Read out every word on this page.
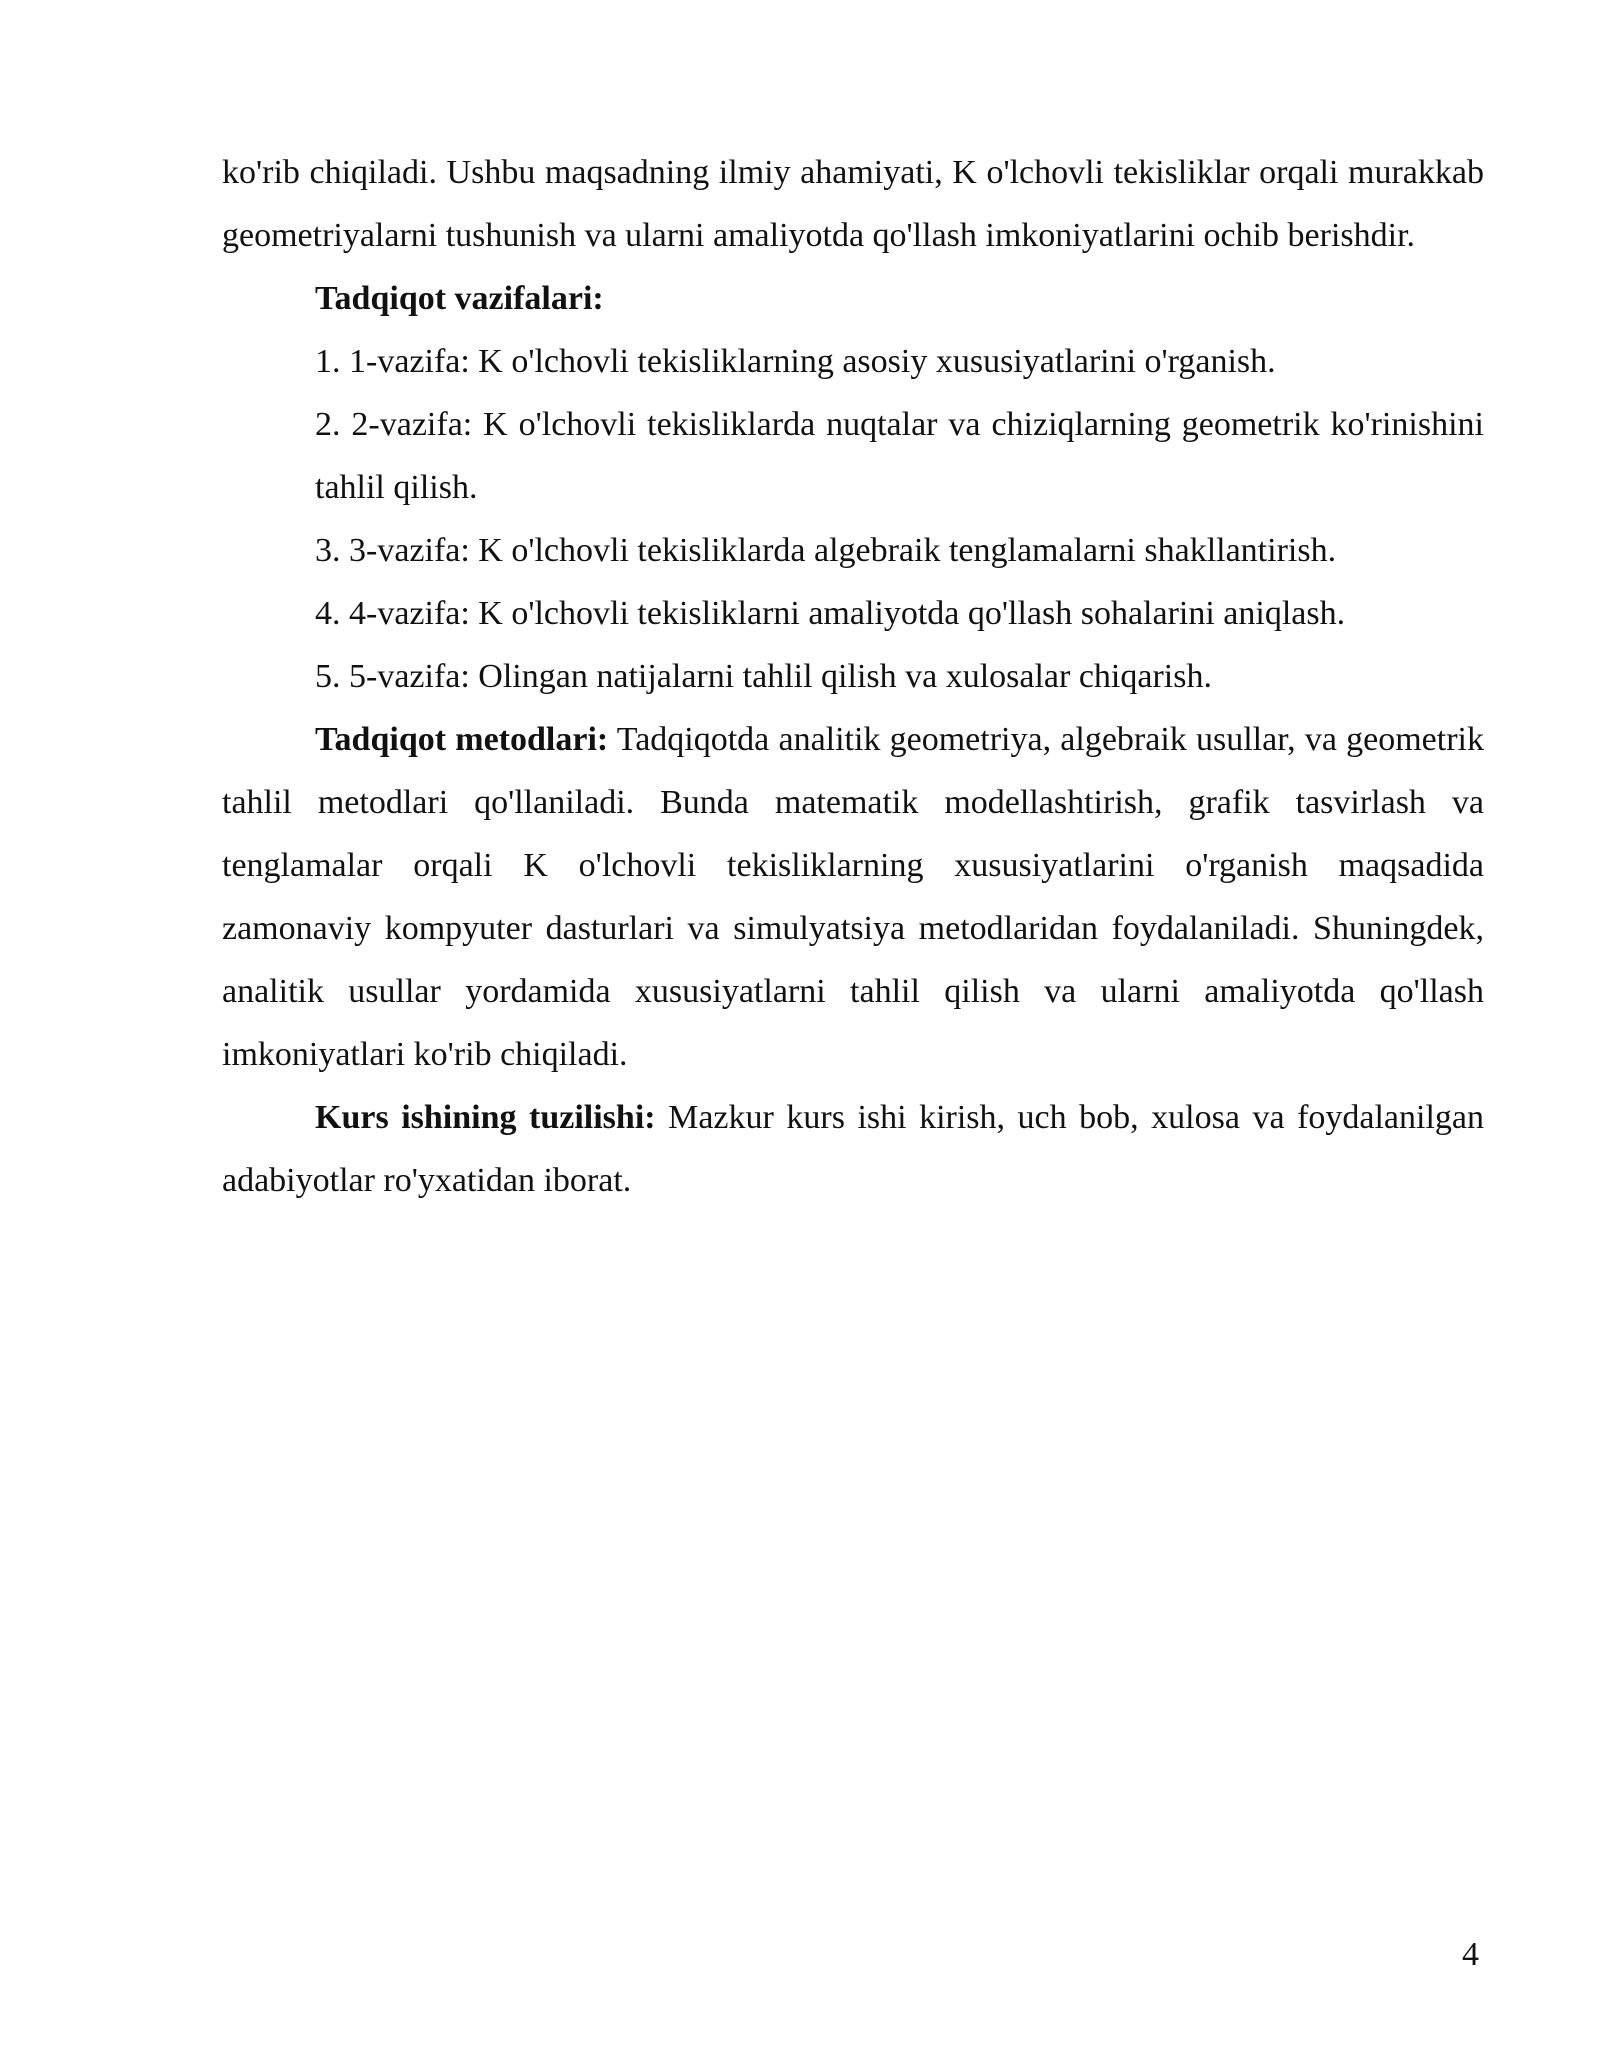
ko'rib chiqiladi. Ushbu maqsadning ilmiy ahamiyati, K o'lchovli tekisliklar orqali murakkab geometriyalarni tushunish va ularni amaliyotda qo'llash imkoniyatlarini ochib berishdir.

Tadqiqot vazifalari:

1. 1-vazifa: K o'lchovli tekisliklarning asosiy xususiyatlarini o'rganish.

2. 2-vazifa: K o'lchovli tekisliklarda nuqtalar va chiziqlarning geometrik ko'rinishini tahlil qilish.

3. 3-vazifa: K o'lchovli tekisliklarda algebraik tenglamalarni shakllantirish.

4. 4-vazifa: K o'lchovli tekisliklarni amaliyotda qo'llash sohalarini aniqlash.

5. 5-vazifa: Olingan natijalarni tahlil qilish va xulosalar chiqarish.

Tadqiqot metodlari: Tadqiqotda analitik geometriya, algebraik usullar, va geometrik tahlil metodlari qo'llaniladi. Bunda matematik modellashtirish, grafik tasvirlash va tenglamalar orqali K o'lchovli tekisliklarning xususiyatlarini o'rganish maqsadida zamonaviy kompyuter dasturlari va simulyatsiya metodlaridan foydalaniladi. Shuningdek, analitik usullar yordamida xususiyatlarni tahlil qilish va ularni amaliyotda qo'llash imkoniyatlari ko'rib chiqiladi.

Kurs ishining tuzilishi: Mazkur kurs ishi kirish, uch bob, xulosa va foydalanilgan adabiyotlar ro'yxatidan iborat.

4
